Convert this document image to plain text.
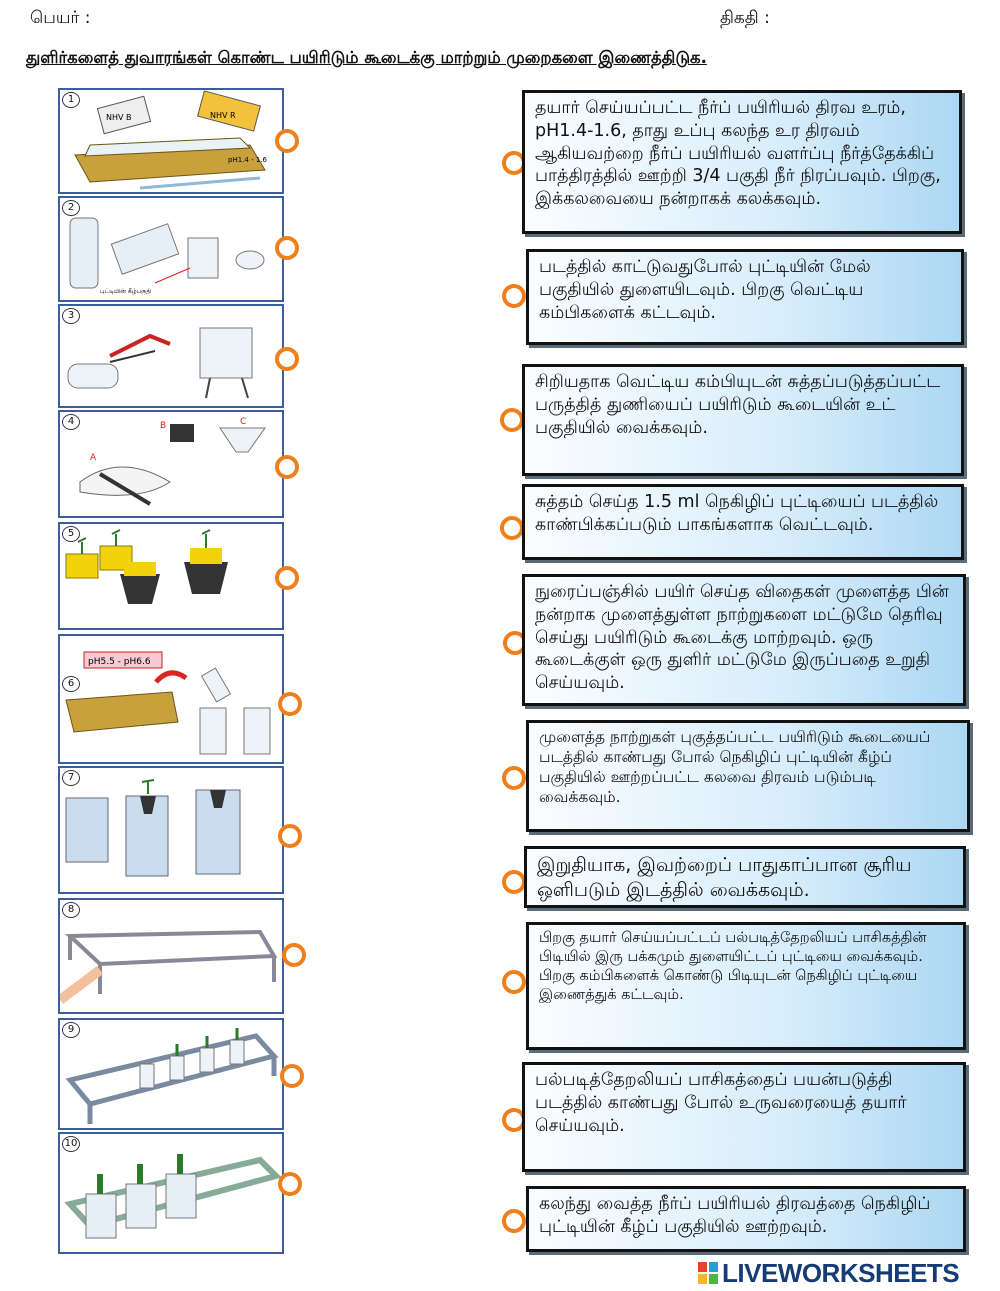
பெயர் :	திகதி :
துளிர்களைத் துவாரங்கள் கொண்ட பயிரிடும் கூடைக்கு மாற்றும் முறைகளை இணைத்திடுக.
1
NHV B	NHV R
pH1.4 - 1.6
2
புட்டியின் கீழ்பகுதி
3
4
A
B	C
5
6
pH5.5 - pH6.6
7
8
9
10
தயார் செய்யப்பட்ட நீர்ப் பயிரியல் திரவ உரம், pH1.4-1.6, தாது உப்பு கலந்த உர திரவம் ஆகியவற்றை நீர்ப் பயிரியல் வளர்ப்பு நீர்த்தேக்கிப் பாத்திரத்தில் ஊற்றி 3/4 பகுதி நீர் நிரப்பவும். பிறகு, இக்கலவையை நன்றாகக் கலக்கவும்.
படத்தில் காட்டுவதுபோல் புட்டியின் மேல் பகுதியில் துளையிடவும். பிறகு வெட்டிய கம்பிகளைக் கட்டவும்.
சிறியதாக வெட்டிய கம்பியுடன் சுத்தப்படுத்தப்பட்ட பருத்தித் துணியைப் பயிரிடும் கூடையின் உட் பகுதியில் வைக்கவும்.
சுத்தம் செய்த 1.5 ml நெகிழிப் புட்டியைப் படத்தில் காண்பிக்கப்படும் பாகங்களாக வெட்டவும்.
நுரைப்பஞ்சில் பயிர் செய்த விதைகள் முளைத்த பின் நன்றாக முளைத்துள்ள நாற்றுகளை மட்டுமே தெரிவு செய்து பயிரிடும் கூடைக்கு மாற்றவும். ஒரு கூடைக்குள் ஒரு துளிர் மட்டுமே இருப்பதை உறுதி செய்யவும்.
முளைத்த நாற்றுகள் புகுத்தப்பட்ட பயிரிடும் கூடையைப் படத்தில் காண்பது போல் நெகிழிப் புட்டியின் கீழ்ப் பகுதியில் ஊற்றப்பட்ட கலவை திரவம் படும்படி வைக்கவும்.
இறுதியாக, இவற்றைப் பாதுகாப்பான சூரிய ஒளிபடும் இடத்தில் வைக்கவும்.
பிறகு தயார் செய்யப்பட்டப் பல்படித்தேறலியப் பாசிகத்தின் பிடியில் இரு பக்கமும் துளையிட்டப் புட்டியை வைக்கவும். பிறகு கம்பிகளைக் கொண்டு பிடியுடன் நெகிழிப் புட்டியை இணைத்துக் கட்டவும்.
பல்படித்தேறலியப் பாசிகத்தைப் பயன்படுத்தி படத்தில் காண்பது போல் உருவரையைத் தயார் செய்யவும்.
கலந்து வைத்த நீர்ப் பயிரியல் திரவத்தை நெகிழிப் புட்டியின் கீழ்ப் பகுதியில் ஊற்றவும்.
LIVEWORKSHEETS
